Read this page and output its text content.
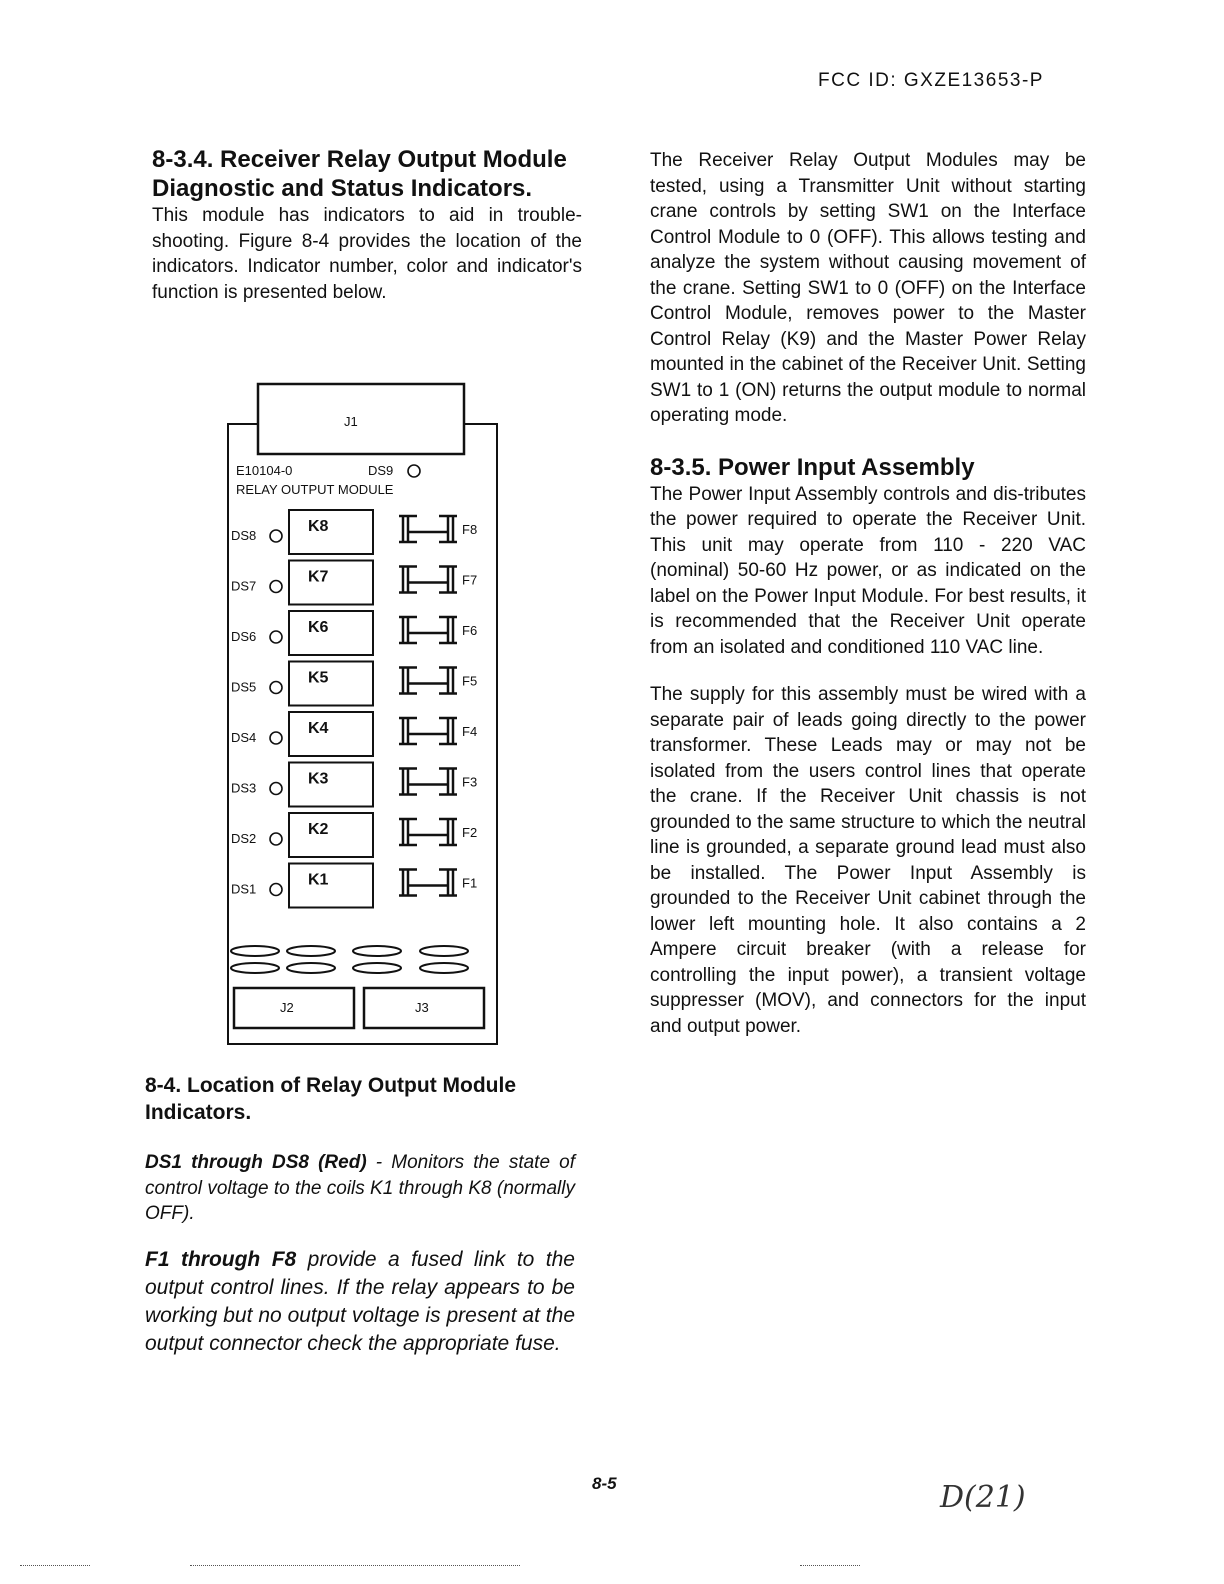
FCC ID: GXZE13653-P
8-3.4. Receiver Relay Output Module Diagnostic and Status Indicators.

This module has indicators to aid in trouble-shooting. Figure 8-4 provides the location of the indicators. Indicator number, color and indicator's function is presented below.

J1
E10104-0	DS9
RELAY OUTPUT MODULE
DS8
K8	F8
DS7
K7	F7
DS6
K6	F6
DS5
K5	F5
DS4
K4	F4
DS3
K3	F3
DS2
K2	F2
DS1
K1	F1
J2	J3

8-4. Location of Relay Output Module Indicators.

DS1 through DS8 (Red) - Monitors the state of control voltage to the coils K1 through K8 (normally OFF).

F1 through F8 provide a fused link to the output control lines. If the relay appears to be working but no output voltage is present at the output connector check the appropriate fuse.

The Receiver Relay Output Modules may be tested, using a Transmitter Unit without starting crane controls by setting SW1 on the Interface Control Module to 0 (OFF). This allows testing and analyze the system without causing movement of the crane. Setting SW1 to 0 (OFF) on the Interface Control Module, removes power to the Master Control Relay (K9) and the Master Power Relay mounted in the cabinet of the Receiver Unit. Setting SW1 to 1 (ON) returns the output module to normal operating mode.

8-3.5. Power Input Assembly

The Power Input Assembly controls and dis-tributes the power required to operate the Receiver Unit. This unit may operate from 110 - 220 VAC (nominal) 50-60 Hz power, or as indicated on the label on the Power Input Module. For best results, it is recommended that the Receiver Unit operate from an isolated and conditioned 110 VAC line.

The supply for this assembly must be wired with a separate pair of leads going directly to the power transformer. These Leads may or may not be isolated from the users control lines that operate the crane. If the Receiver Unit chassis is not grounded to the same structure to which the neutral line is grounded, a separate ground lead must also be installed. The Power Input Assembly is grounded to the Receiver Unit cabinet through the lower left mounting hole. It also contains a 2 Ampere circuit breaker (with a release for controlling the input power), a transient voltage suppresser (MOV), and connectors for the input and output power.

8-5	D(21)
